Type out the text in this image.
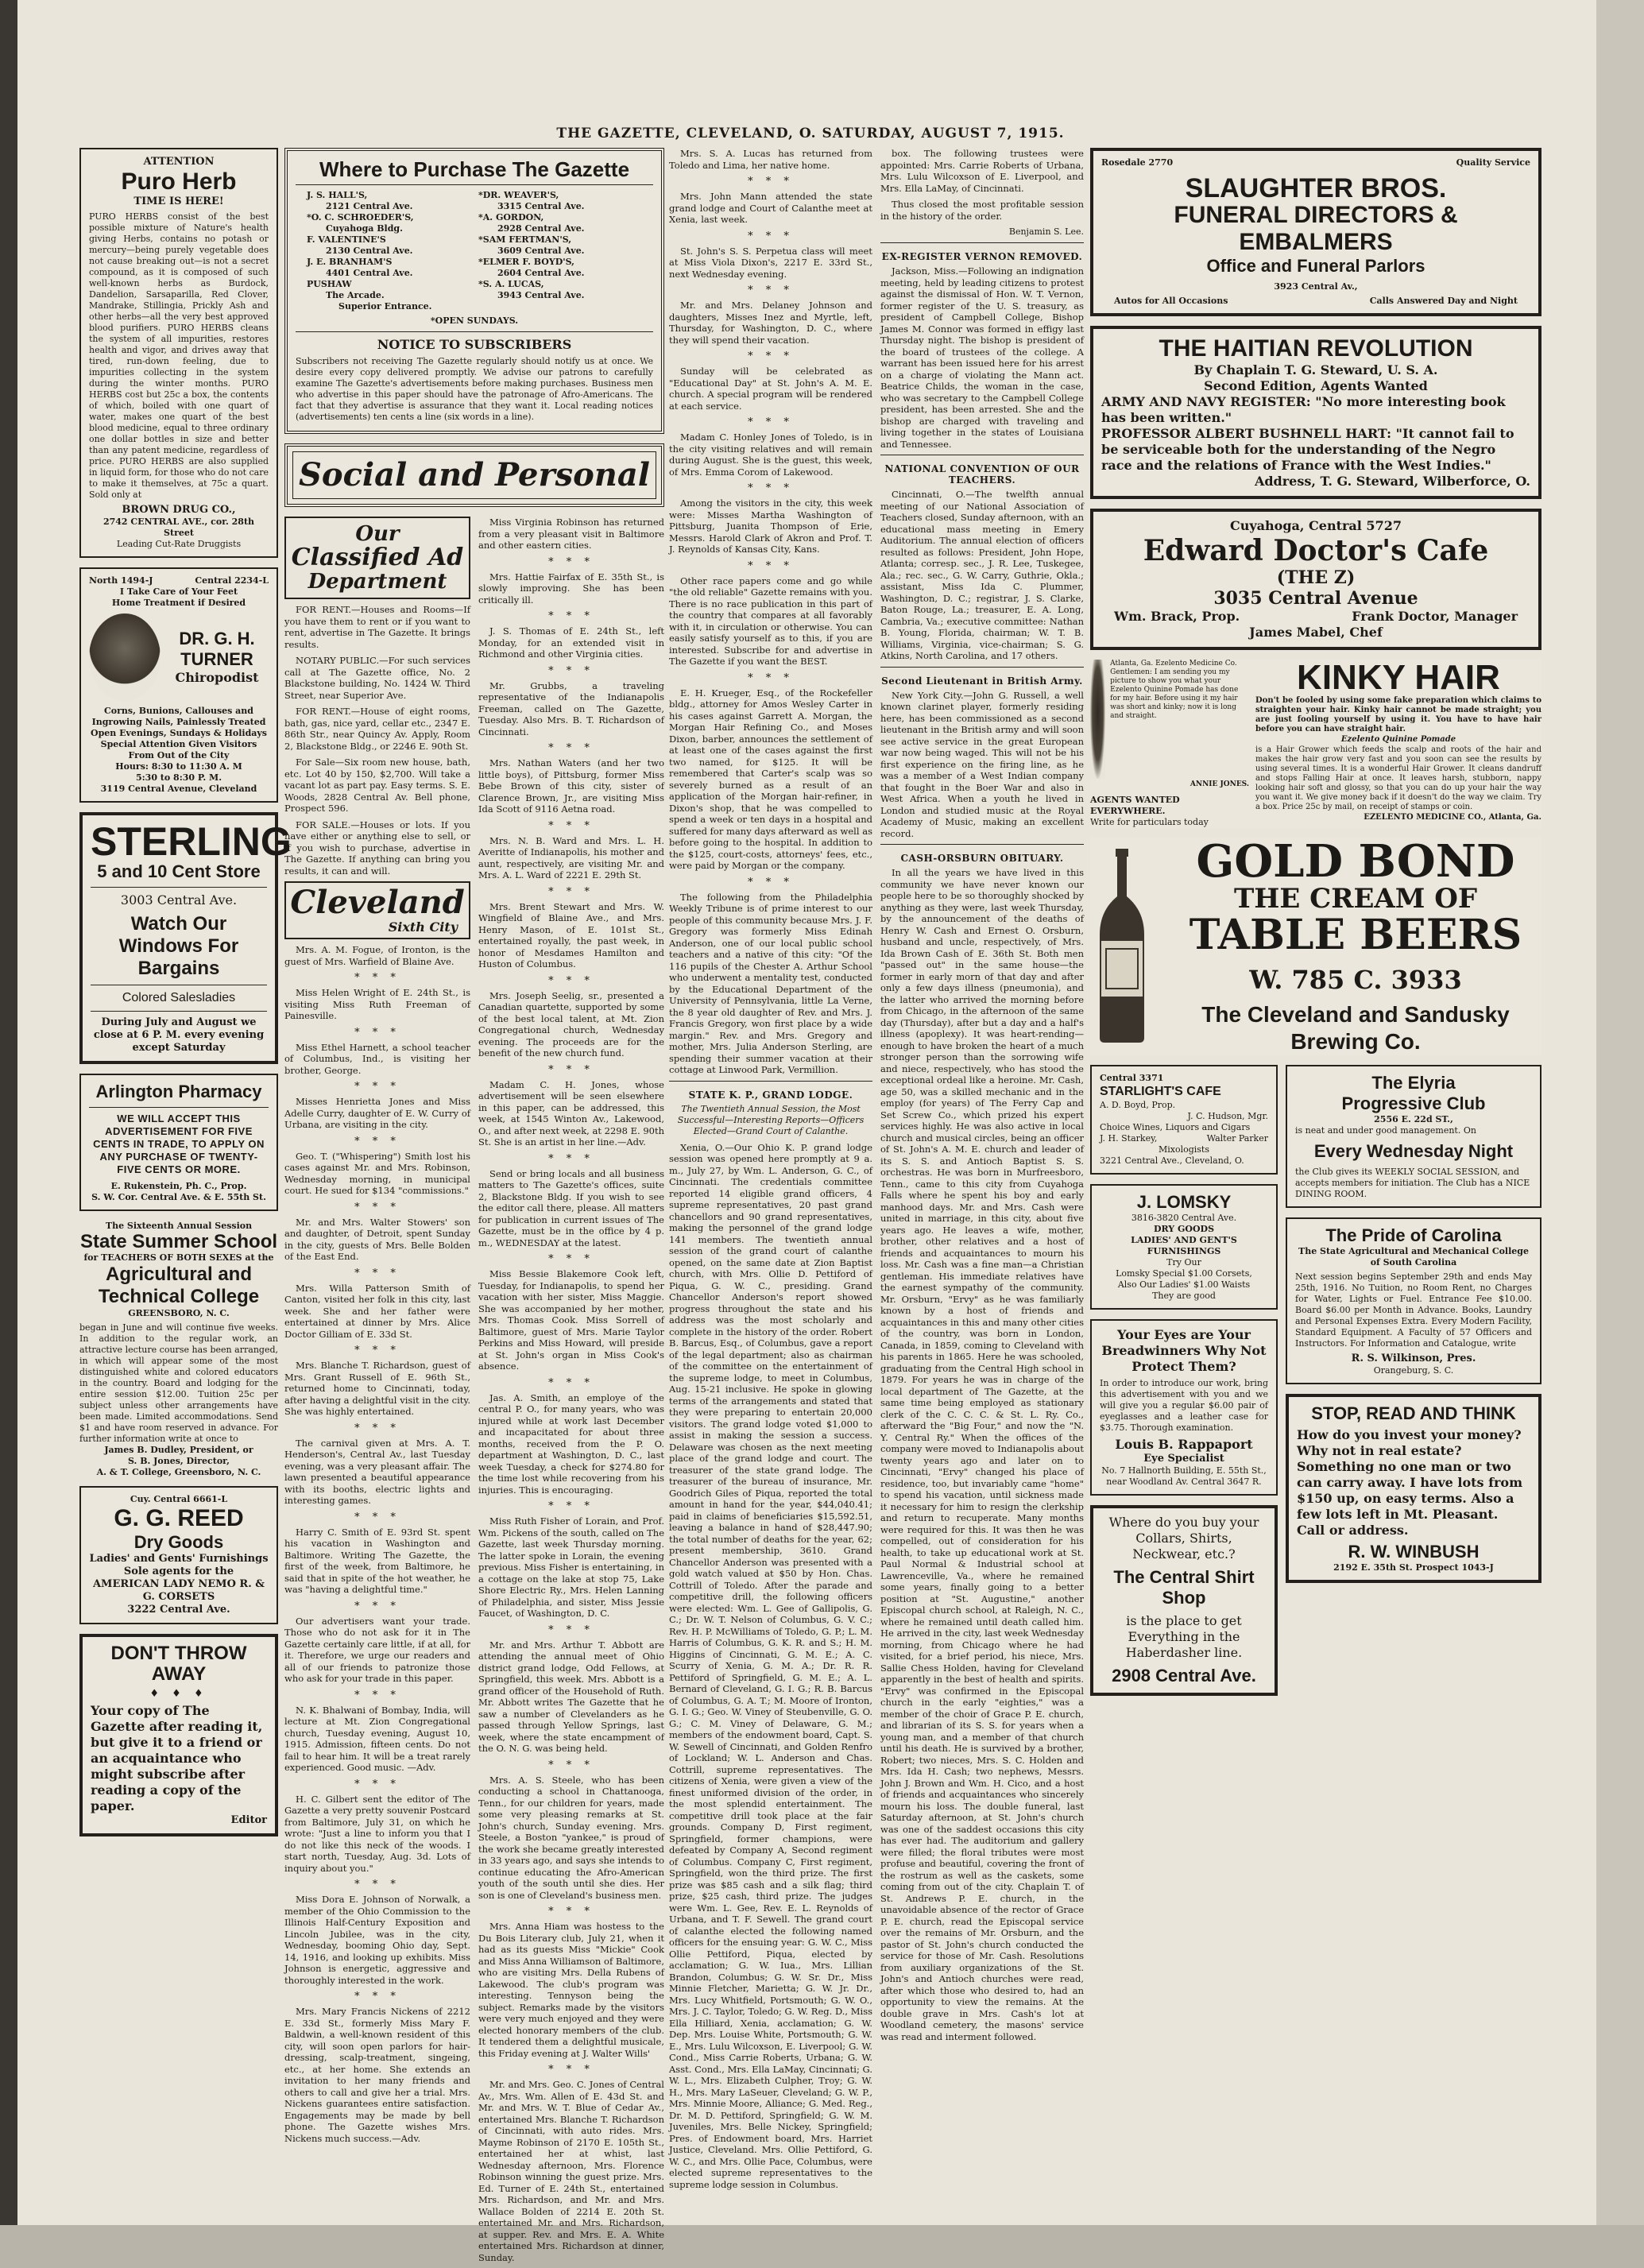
THE GAZETTE, CLEVELAND, O. SATURDAY, AUGUST 7, 1915.
ATTENTION
Puro Herb
TIME IS HERE!
PURO HERBS consist of the best possible mixture of Nature's health giving Herbs, contains no potash or mercury—being purely vegetable does not cause breaking out—is not a secret compound, as it is composed of such well-known herbs as Burdock, Dandelion, Sarsaparilla, Red Clover, Mandrake, Stillingia, Prickly Ash and other herbs—all the very best approved blood purifiers. PURO HERBS cleans the system of all impurities, restores health and vigor, and drives away that tired, run-down feeling, due to impurities collecting in the system during the winter months. PURO HERBS cost but 25c a box, the contents of which, boiled with one quart of water, makes one quart of the best blood medicine, equal to three ordinary one dollar bottles in size and better than any patent medicine, regardless of price. PURO HERBS are also supplied in liquid form, for those who do not care to make it themselves, at 75c a quart. Sold only at
BROWN DRUG CO.,
2742 CENTRAL AVE., cor. 28th Street
Leading Cut-Rate Druggists
North 1494-J	Central 2234-L
I Take Care of Your Feet
Home Treatment if Desired
DR. G. H. TURNER
Chiropodist
Corns, Bunions, Callouses and Ingrowing Nails, Painlessly Treated Open Evenings, Sundays & Holidays Special Attention Given Visitors From Out of the City
Hours: 8:30 to 11:30 A. M
5:30 to 8:30 P. M.
3119 Central Avenue, Cleveland
STERLING
5 and 10 Cent Store
3003 Central Ave.
Watch Our Windows For Bargains
Colored Salesladies
During July and August we close at 6 P. M. every evening except Saturday
Arlington Pharmacy
WE WILL ACCEPT THIS ADVERTISEMENT FOR FIVE CENTS IN TRADE, TO APPLY ON ANY PURCHASE OF TWENTY-FIVE CENTS OR MORE.
E. Rukenstein, Ph. C., Prop.
S. W. Cor. Central Ave. & E. 55th St.
The Sixteenth Annual Session
State Summer School
for TEACHERS OF BOTH SEXES at the
Agricultural and Technical College
GREENSBORO, N. C.
began in June and will continue five weeks. In addition to the regular work, an attractive lecture course has been arranged, in which will appear some of the most distinguished white and colored educators in the country. Board and lodging for the entire session $12.00. Tuition 25c per subject unless other arrangements have been made. Limited accommodations. Send $1 and have room reserved in advance. For further information write at once to
James B. Dudley, President, or
S. B. Jones, Director,
A. & T. College, Greensboro, N. C.
Cuy. Central 6661-L
G. G. REED
Dry Goods
Ladies' and Gents' Furnishings Sole agents for the AMERICAN LADY NEMO R. & G. CORSETS
3222 Central Ave.
DON'T THROW AWAY
♦ ♦ ♦
Your copy of The Gazette after reading it, but give it to a friend or an acquaintance who might subscribe after reading a copy of the paper.
Editor
Where to Purchase The Gazette
J. S. HALL'S,
2121 Central Ave.
*O. C. SCHROEDER'S,
Cuyahoga Bldg.
F. VALENTINE'S
2130 Central Ave.
J. E. BRANHAM'S
4401 Central Ave.
PUSHAW
The Arcade.
Superior Entrance.
*DR. WEAVER'S,
3315 Central Ave.
*A. GORDON,
2928 Central Ave.
*SAM FERTMAN'S,
3609 Central Ave.
*ELMER F. BOYD'S,
2604 Central Ave.
*S. A. LUCAS,
3943 Central Ave.
*OPEN SUNDAYS.
NOTICE TO SUBSCRIBERS
Subscribers not receiving The Gazette regularly should notify us at once. We desire every copy delivered promptly. We advise our patrons to carefully examine The Gazette's advertisements before making purchases. Business men who advertise in this paper should have the patronage of Afro-Americans. The fact that they advertise is assurance that they want it. Local reading notices (advertisements) ten cents a line (six words in a line).
Social and Personal
Our
Classified Ad
Department

FOR RENT.—Houses and Rooms—If you have them to rent or if you want to rent, advertise in The Gazette. It brings results.

NOTARY PUBLIC.—For such services call at The Gazette office, No. 2 Blackstone building, No. 1424 W. Third Street, near Superior Ave.

FOR RENT.—House of eight rooms, bath, gas, nice yard, cellar etc., 2347 E. 86th Str., near Quincy Av. Apply, Room 2, Blackstone Bldg., or 2246 E. 90th St.

For Sale—Six room new house, bath, etc. Lot 40 by 150, $2,700. Will take a vacant lot as part pay. Easy terms. S. E. Woods, 2828 Central Av. Bell phone, Prospect 596.

FOR SALE.—Houses or lots. If you have either or anything else to sell, or if you wish to purchase, advertise in The Gazette. If anything can bring you results, it can and will.

Cleveland
Sixth City

Mrs. A. M. Fogue, of Ironton, is the guest of Mrs. Warfield of Blaine Ave.

* * *

Miss Helen Wright of E. 24th St., is visiting Miss Ruth Freeman of Painesville.

* * *

Miss Ethel Harnett, a school teacher of Columbus, Ind., is visiting her brother, George.

* * *

Misses Henrietta Jones and Miss Adelle Curry, daughter of E. W. Curry of Urbana, are visiting in the city.

* * *

Geo. T. ("Whispering") Smith lost his cases against Mr. and Mrs. Robinson, Wednesday morning, in municipal court. He sued for $134 "commissions."

* * *

Mr. and Mrs. Walter Stowers' son and daughter, of Detroit, spent Sunday in the city, guests of Mrs. Belle Bolden of the East End.

* * *

Mrs. Willa Patterson Smith of Canton, visited her folk in this city, last week. She and her father were entertained at dinner by Mrs. Alice Doctor Gilliam of E. 33d St.

* * *

Mrs. Blanche T. Richardson, guest of Mrs. Grant Russell of E. 96th St., returned home to Cincinnati, today, after having a delightful visit in the city. She was highly entertained.

* * *

The carnival given at Mrs. A. T. Henderson's, Central Av., last Tuesday evening, was a very pleasant affair. The lawn presented a beautiful appearance with its booths, electric lights and interesting games.

* * *

Harry C. Smith of E. 93rd St. spent his vacation in Washington and Baltimore. Writing The Gazette, the first of the week, from Baltimore, he said that in spite of the hot weather, he was "having a delightful time."

* * *

Our advertisers want your trade. Those who do not ask for it in The Gazette certainly care little, if at all, for it. Therefore, we urge our readers and all of our friends to patronize those who ask for your trade in this paper.

* * *

N. K. Bhalwani of Bombay, India, will lecture at Mt. Zion Congregational church, Tuesday evening, August 10, 1915. Admission, fifteen cents. Do not fail to hear him. It will be a treat rarely experienced. Good music. —Adv.

* * *

H. C. Gilbert sent the editor of The Gazette a very pretty souvenir Postcard from Baltimore, July 31, on which he wrote: "Just a line to inform you that I do not like this neck of the woods. I start north, Tuesday, Aug. 3d. Lots of inquiry about you."

* * *

Miss Dora E. Johnson of Norwalk, a member of the Ohio Commission to the Illinois Half-Century Exposition and Lincoln Jubilee, was in the city, Wednesday, booming Ohio day, Sept. 14, 1916, and looking up exhibits. Miss Johnson is energetic, aggressive and thoroughly interested in the work.

* * *

Mrs. Mary Francis Nickens of 2212 E. 33d St., formerly Miss Mary F. Baldwin, a well-known resident of this city, will soon open parlors for hair-dressing, scalp-treatment, singeing, etc., at her home. She extends an invitation to her many friends and others to call and give her a trial. Mrs. Nickens guarantees entire satisfaction. Engagements may be made by bell phone. The Gazette wishes Mrs. Nickens much success.—Adv.

Miss Virginia Robinson has returned from a very pleasant visit in Baltimore and other eastern cities.

* * *

Mrs. Hattie Fairfax of E. 35th St., is slowly improving. She has been critically ill.

* * *

J. S. Thomas of E. 24th St., left Monday, for an extended visit in Richmond and other Virginia cities.

* * *

Mr. Grubbs, a traveling representative of the Indianapolis Freeman, called on The Gazette, Tuesday. Also Mrs. B. T. Richardson of Cincinnati.

* * *

Mrs. Nathan Waters (and her two little boys), of Pittsburg, former Miss Bebe Brown of this city, sister of Clarence Brown, Jr., are visiting Miss Ida Scott of 9116 Aetna road.

* * *

Mrs. N. B. Ward and Mrs. L. H. Averitte of Indianapolis, his mother and aunt, respectively, are visiting Mr. and Mrs. A. L. Ward of 2221 E. 29th St.

* * *

Mrs. Brent Stewart and Mrs. W. Wingfield of Blaine Ave., and Mrs. Henry Mason, of E. 101st St., entertained royally, the past week, in honor of Mesdames Hamilton and Huston of Columbus.

* * *

Mrs. Joseph Seelig, sr., presented a Canadian quartette, supported by some of the best local talent, at Mt. Zion Congregational church, Wednesday evening. The proceeds are for the benefit of the new church fund.

* * *

Madam C. H. Jones, whose advertisement will be seen elsewhere in this paper, can be addressed, this week, at 1545 Winton Av., Lakewood, O., and after next week, at 2298 E. 90th St. She is an artist in her line.—Adv.

* * *

Send or bring locals and all business matters to The Gazette's offices, suite 2, Blackstone Bldg. If you wish to see the editor call there, please. All matters for publication in current issues of The Gazette, must be in the office by 4 p. m., WEDNESDAY at the latest.

* * *

Miss Bessie Blakemore Cook left, Tuesday, for Indianapolis, to spend her vacation with her sister, Miss Maggie. She was accompanied by her mother, Mrs. Thomas Cook. Miss Sorrell of Baltimore, guest of Mrs. Marie Taylor Perkins and Miss Howard, will preside at St. John's organ in Miss Cook's absence.

* * *

Jas. A. Smith, an employe of the central P. O., for many years, who was injured while at work last December and incapacitated for about three months, received from the P. O. department at Washington, D. C., last week Tuesday, a check for $274.80 for the time lost while recovering from his injuries. This is encouraging.

* * *

Miss Ruth Fisher of Lorain, and Prof. Wm. Pickens of the south, called on The Gazette, last week Thursday morning. The latter spoke in Lorain, the evening previous. Miss Fisher is entertaining, in a cottage on the lake at stop 75, Lake Shore Electric Ry., Mrs. Helen Lanning of Philadelphia, and sister, Miss Jessie Faucet, of Washington, D. C.

* * *

Mr. and Mrs. Arthur T. Abbott are attending the annual meet of Ohio district grand lodge, Odd Fellows, at Springfield, this week. Mrs. Abbott is a grand officer of the Household of Ruth. Mr. Abbott writes The Gazette that he saw a number of Clevelanders as he passed through Yellow Springs, last week, where the state encampment of the O. N. G. was being held.

* * *

Mrs. A. S. Steele, who has been conducting a school in Chattanooga, Tenn., for our children for years, made some very pleasing remarks at St. John's church, Sunday evening. Mrs. Steele, a Boston "yankee," is proud of the work she became greatly interested in 33 years ago, and says she intends to continue educating the Afro-American youth of the south until she dies. Her son is one of Cleveland's business men.

* * *

Mrs. Anna Hiam was hostess to the Du Bois Literary club, July 21, when it had as its guests Miss "Mickie" Cook and Miss Anna Williamson of Baltimore, who are visiting Mrs. Della Rubens of Lakewood. The club's program was interesting. Tennyson being the subject. Remarks made by the visitors were very much enjoyed and they were elected honorary members of the club. It tendered them a delightful musicale, this Friday evening at J. Walter Wills'

* * *

Mr. and Mrs. Geo. C. Jones of Central Av., Mrs. Wm. Allen of E. 43d St. and Mr. and Mrs. W. T. Blue of Cedar Av., entertained Mrs. Blanche T. Richardson of Cincinnati, with auto rides. Mrs. Mayme Robinson of 2170 E. 105th St., entertained her at whist, last Wednesday afternoon, Mrs. Florence Robinson winning the guest prize. Mrs. Ed. Turner of E. 24th St., entertained Mrs. Richardson, and Mr. and Mrs. Wallace Bolden of 2214 E. 20th St. entertained Mr. and Mrs. Richardson, at supper. Rev. and Mrs. E. A. White entertained Mrs. Richardson at dinner, Sunday.

Mrs. S. A. Lucas has returned from Toledo and Lima, her native home.

* * *

Mrs. John Mann attended the state grand lodge and Court of Calanthe meet at Xenia, last week.

* * *

St. John's S. S. Perpetua class will meet at Miss Viola Dixon's, 2217 E. 33rd St., next Wednesday evening.

* * *

Mr. and Mrs. Delaney Johnson and daughters, Misses Inez and Myrtle, left, Thursday, for Washington, D. C., where they will spend their vacation.

* * *

Sunday will be celebrated as "Educational Day" at St. John's A. M. E. church. A special program will be rendered at each service.

* * *

Madam C. Honley Jones of Toledo, is in the city visiting relatives and will remain during August. She is the guest, this week, of Mrs. Emma Corom of Lakewood.

* * *

Among the visitors in the city, this week were: Misses Martha Washington of Pittsburg, Juanita Thompson of Erie, Messrs. Harold Clark of Akron and Prof. T. J. Reynolds of Kansas City, Kans.

* * *

Other race papers come and go while "the old reliable" Gazette remains with you. There is no race publication in this part of the country that compares at all favorably with it, in circulation or otherwise. You can easily satisfy yourself as to this, if you are interested. Subscribe for and advertise in The Gazette if you want the BEST.

* * *

E. H. Krueger, Esq., of the Rockefeller bldg., attorney for Amos Wesley Carter in his cases against Garrett A. Morgan, the Morgan Hair Refining Co., and Moses Dixon, barber, announces the settlement of at least one of the cases against the first two named, for $125. It will be remembered that Carter's scalp was so severely burned as a result of an application of the Morgan hair-refiner, in Dixon's shop, that he was compelled to spend a week or ten days in a hospital and suffered for many days afterward as well as before going to the hospital. In addition to the $125, court-costs, attorneys' fees, etc., were paid by Morgan or the company.

* * *

The following from the Philadelphia Weekly Tribune is of prime interest to our people of this community because Mrs. J. F. Gregory was formerly Miss Edinah Anderson, one of our local public school teachers and a native of this city: "Of the 116 pupils of the Chester A. Arthur School who underwent a mentality test, conducted by the Educational Department of the University of Pennsylvania, little La Verne, the 8 year old daughter of Rev. and Mrs. J. Francis Gregory, won first place by a wide margin." Rev. and Mrs. Gregory and mother, Mrs. Julia Anderson Sterling, are spending their summer vacation at their cottage at Linwood Park, Vermillion.

STATE K. P., GRAND LODGE.
The Twentieth Annual Session, the Most Successful—Interesting Reports—Officers Elected—Grand Court of Calanthe.

Xenia, O.—Our Ohio K. P. grand lodge session was opened here promptly at 9 a. m., July 27, by Wm. L. Anderson, G. C., of Cincinnati. The credentials committee reported 14 eligible grand officers, 4 supreme representatives, 20 past grand chancellors and 90 grand representatives, making the personnel of the grand lodge 141 members. The twentieth annual session of the grand court of calanthe opened, on the same date at Zion Baptist church, with Mrs. Ollie D. Pettiford of Piqua, G. W. C., presiding. Grand Chancellor Anderson's report showed progress throughout the state and his address was the most scholarly and complete in the history of the order. Robert B. Barcus, Esq., of Columbus, gave a report of the legal department; also as chairman of the committee on the entertainment of the supreme lodge, to meet in Columbus, Aug. 15-21 inclusive. He spoke in glowing terms of the arrangements and stated that they were preparing to entertain 20,000 visitors. The grand lodge voted $1,000 to assist in making the session a success. Delaware was chosen as the next meeting place of the grand lodge and court. The treasurer of the state grand lodge. The treasurer of the bureau of insurance, Mr. Goodrich Giles of Piqua, reported the total amount in hand for the year, $44,040.41; paid in claims of beneficiaries $15,592.51, leaving a balance in hand of $28,447.90; the total number of deaths for the year, 62; present membership, 3610. Grand Chancellor Anderson was presented with a gold watch valued at $50 by Hon. Chas. Cottrill of Toledo. After the parade and competitive drill, the following officers were elected: Wm. L. Gee of Gallipolis, G. C.; Dr. W. T. Nelson of Columbus, G. V. C.; Rev. H. P. McWilliams of Toledo, G. P.; L. M. Harris of Columbus, G. K. R. and S.; H. M. Higgins of Cincinnati, G. M. E.; A. C. Scurry of Xenia, G. M. A.; Dr. R. R. Pettiford of Springfield, G. M. E.; A. L. Bernard of Cleveland, G. I. G.; R. B. Barcus of Columbus, G. A. T.; M. Moore of Ironton, G. I. G.; Geo. W. Viney of Steubenville, G. O. G.; C. M. Viney of Delaware, G. M.; members of the endowment board, Capt. S. W. Sewell of Cincinnati, and Golden Renfro of Lockland; W. L. Anderson and Chas. Cottrill, supreme representatives. The citizens of Xenia, were given a view of the finest uniformed division of the order, in the most splendid entertainment. The competitive drill took place at the fair grounds. Company D, First regiment, Springfield, former champions, were defeated by Company A, Second regiment of Columbus. Company C, First regiment, Springfield, won the third prize. The first prize was $85 cash and a silk flag; third prize, $25 cash, third prize. The judges were Wm. L. Gee, Rev. E. L. Reynolds of Urbana, and T. F. Sewell. The grand court of calanthe elected the following named officers for the ensuing year: G. W. C., Miss Ollie Pettiford, Piqua, elected by acclamation; G. W. Iua., Mrs. Lillian Brandon, Columbus; G. W. Sr. Dr., Miss Minnie Fletcher, Marietta; G. W. Jr. Dr., Mrs. Lucy Whitfield, Portsmouth; G. W. O., Mrs. J. C. Taylor, Toledo; G. W. Reg. D., Miss Ella Hilliard, Xenia, acclamation; G. W. Dep. Mrs. Louise White, Portsmouth; G. W. E., Mrs. Lulu Wilcoxson, E. Liverpool; G. W. Cond., Miss Carrie Roberts, Urbana; G. W. Asst. Cond., Mrs. Ella LaMay, Cincinnati; G. W. L., Mrs. Elizabeth Culpher, Troy; G. W. H., Mrs. Mary LaSeuer, Cleveland; G. W. P., Mrs. Minnie Moore, Alliance; G. Med. Reg., Dr. M. D. Pettiford, Springfield; G. W. M. Juveniles, Mrs. Belle Nickey, Springfield; Pres. of Endowment board, Mrs. Harriet Justice, Cleveland. Mrs. Ollie Pettiford, G. W. C., and Mrs. Ollie Pace, Columbus, were elected supreme representatives to the supreme lodge session in Columbus.

box. The following trustees were appointed: Mrs. Carrie Roberts of Urbana, Mrs. Lulu Wilcoxson of E. Liverpool, and Mrs. Ella LaMay, of Cincinnati.

Thus closed the most profitable session in the history of the order.

Benjamin S. Lee.
EX-REGISTER VERNON REMOVED.

Jackson, Miss.—Following an indignation meeting, held by leading citizens to protest against the dismissal of Hon. W. T. Vernon, former register of the U. S. treasury, as president of Campbell College, Bishop James M. Connor was formed in effigy last Thursday night. The bishop is president of the board of trustees of the college. A warrant has been issued here for his arrest on a charge of violating the Mann act. Beatrice Childs, the woman in the case, who was secretary to the Campbell College president, has been arrested. She and the bishop are charged with traveling and living together in the states of Louisiana and Tennessee.

NATIONAL CONVENTION OF OUR TEACHERS.

Cincinnati, O.—The twelfth annual meeting of our National Association of Teachers closed, Sunday afternoon, with an educational mass meeting in Emery Auditorium. The annual election of officers resulted as follows: President, John Hope, Atlanta; corresp. sec., J. R. Lee, Tuskegee, Ala.; rec. sec., G. W. Carry, Guthrie, Okla.; assistant, Miss Ida C. Plummer, Washington, D. C.; registrar, J. S. Clarke, Baton Rouge, La.; treasurer, E. A. Long, Cambria, Va.; executive committee: Nathan B. Young, Florida, chairman; W. T. B. Williams, Virginia, vice-chairman; S. G. Atkins, North Carolina, and 17 others.

Second Lieutenant in British Army.

New York City.—John G. Russell, a well known clarinet player, formerly residing here, has been commissioned as a second lieutenant in the British army and will soon see active service in the great European war now being waged. This will not be his first experience on the firing line, as he was a member of a West Indian company that fought in the Boer War and also in West Africa. When a youth he lived in London and studied music at the Royal Academy of Music, making an excellent record.

CASH-ORSBURN OBITUARY.

In all the years we have lived in this community we have never known our people here to be so thoroughly shocked by anything as they were, last week Thursday, by the announcement of the deaths of Henry W. Cash and Ernest O. Orsburn, husband and uncle, respectively, of Mrs. Ida Brown Cash of E. 36th St. Both men "passed out" in the same house—the former in early morn of that day and after only a few days illness (pneumonia), and the latter who arrived the morning before from Chicago, in the afternoon of the same day (Thursday), after but a day and a half's illness (apoplexy). It was heart-rending—enough to have broken the heart of a much stronger person than the sorrowing wife and niece, respectively, who has stood the exceptional ordeal like a heroine. Mr. Cash, age 50, was a skilled mechanic and in the employ (for years) of The Ferry Cap and Set Screw Co., which prized his expert services highly. He was also active in local church and musical circles, being an officer of St. John's A. M. E. church and leader of its S. S. and Antioch Baptist S. S. orchestras. He was born in Murfreesboro, Tenn., came to this city from Cuyahoga Falls where he spent his boy and early manhood days. Mr. and Mrs. Cash were united in marriage, in this city, about five years ago. He leaves a wife, mother, brother, other relatives and a host of friends and acquaintances to mourn his loss. Mr. Cash was a fine man—a Christian gentleman. His immediate relatives have the earnest sympathy of the community. Mr. Orsburn, "Ervy" as he was familiarly known by a host of friends and acquaintances in this and many other cities of the country, was born in London, Canada, in 1859, coming to Cleveland with his parents in 1865. Here he was schooled, graduating from the Central High school in 1879. For years he was in charge of the local department of The Gazette, at the same time being employed as stationary clerk of the C. C. C. & St. L. Ry. Co., afterward the "Big Four," and now the "N. Y. Central Ry." When the offices of the company were moved to Indianapolis about twenty years ago and later on to Cincinnati, "Ervy" changed his place of residence, too, but invariably came "home" to spend his vacation, until sickness made it necessary for him to resign the clerkship and return to recuperate. Many months were required for this. It was then he was compelled, out of consideration for his health, to take up educational work at St. Paul Normal & Industrial school at Lawrenceville, Va., where he remained some years, finally going to a better position at "St. Augustine," another Episcopal church school, at Raleigh, N. C., where he remained until death called him. He arrived in the city, last week Wednesday morning, from Chicago where he had visited, for a brief period, his niece, Mrs. Sallie Chess Holden, having for Cleveland apparently in the best of health and spirits. "Ervy" was confirmed in the Episcopal church in the early "eighties," was a member of the choir of Grace P. E. church, and librarian of its S. S. for years when a young man, and a member of that church until his death. He is survived by a brother, Robert; two nieces, Mrs. S. C. Holden and Mrs. Ida H. Cash; two nephews, Messrs. John J. Brown and Wm. H. Cico, and a host of friends and acquaintances who sincerely mourn his loss. The double funeral, last Saturday afternoon, at St. John's church was one of the saddest occasions this city has ever had. The auditorium and gallery were filled; the floral tributes were most profuse and beautiful, covering the front of the rostrum as well as the caskets, some coming from out of the city. Chaplain T. of St. Andrews P. E. church, in the unavoidable absence of the rector of Grace P. E. church, read the Episcopal service over the remains of Mr. Orsburn, and the pastor of St. John's church conducted the service for those of Mr. Cash. Resolutions from auxiliary organizations of the St. John's and Antioch churches were read, after which those who desired to, had an opportunity to view the remains. At the double grave in Mrs. Cash's lot at Woodland cemetery, the masons' service was read and interment followed.

Rosedale 2770	Quality Service
SLAUGHTER BROS.
FUNERAL DIRECTORS & EMBALMERS
Office and Funeral Parlors
3923 Central Av.,
Autos for All Occasions	Calls Answered Day and Night
THE HAITIAN REVOLUTION
By Chaplain T. G. Steward, U. S. A.
Second Edition, Agents Wanted
ARMY AND NAVY REGISTER: "No more interesting book has been written."
PROFESSOR ALBERT BUSHNELL HART: "It cannot fail to be serviceable both for the understanding of the Negro race and the relations of France with the West Indies."
Address, T. G. Steward, Wilberforce, O.
Cuyahoga, Central 5727
Edward Doctor's Cafe
(THE Z)
3035 Central Avenue
Wm. Brack, Prop.	Frank Doctor, Manager
James Mabel, Chef
Atlanta, Ga. Ezelento Medicine Co. Gentlemen: I am sending you my picture to show you what your Ezelento Quinine Pomade has done for my hair. Before using it my hair was short and kinky; now it is long and straight.
ANNIE JONES.
AGENTS WANTED EVERYWHERE.
Write for particulars today
KINKY HAIR
Don't be fooled by using some fake preparation which claims to straighten your hair. Kinky hair cannot be made straight; you are just fooling yourself by using it. You have to have hair before you can have straight hair.
Ezelento Quinine Pomade
is a Hair Grower which feeds the scalp and roots of the hair and makes the hair grow very fast and you soon can see the results by using several times. It is a wonderful Hair Grower. It cleans dandruff and stops Falling Hair at once. It leaves harsh, stubborn, nappy looking hair soft and glossy, so that you can do up your hair the way you want it. We give money back if it doesn't do the way we claim. Try a box. Price 25c by mail, on receipt of stamps or coin.
EZELENTO MEDICINE CO., Atlanta, Ga.
GOLD BOND
THE CREAM OF
TABLE BEERS
W. 785 C. 3933
The Cleveland and Sandusky Brewing Co.
Central 3371
STARLIGHT'S CAFE
A. D. Boyd, Prop.
J. C. Hudson, Mgr.
Choice Wines, Liquors and Cigars
J. H. Starkey,	Walter Parker
Mixologists
3221 Central Ave., Cleveland, O.
J. LOMSKY
3816-3820 Central Ave.
DRY GOODS
LADIES' AND GENT'S FURNISHINGS
Try Our
Lomsky Special $1.00 Corsets,
Also Our Ladies' $1.00 Waists
They are good
Your Eyes are Your Breadwinners Why Not Protect Them?
In order to introduce our work, bring this advertisement with you and we will give you a regular $6.00 pair of eyeglasses and a leather case for $3.75. Thorough examination.
Louis B. Rappaport
Eye Specialist
No. 7 Hallnorth Building, E. 55th St., near Woodland Av. Central 3647 R.
Where do you buy your Collars, Shirts, Neckwear, etc.?
The Central Shirt Shop
is the place to get Everything in the Haberdasher line.
2908 Central Ave.
The Elyria
Progressive Club
2556 E. 22d ST.,
is neat and under good management. On
Every Wednesday Night
the Club gives its WEEKLY SOCIAL SESSION, and accepts members for initiation. The Club has a NICE DINING ROOM.
The Pride of Carolina
The State Agricultural and Mechanical College of South Carolina
Next session begins September 29th and ends May 25th, 1916. No Tuition, no Room Rent, no Charges for Water, Lights or Fuel. Entrance Fee $10.00. Board $6.00 per Month in Advance. Books, Laundry and Personal Expenses Extra. Every Modern Facility, Standard Equipment. A Faculty of 57 Officers and Instructors. For Information and Catalogue, write
R. S. Wilkinson, Pres.
Orangeburg, S. C.
STOP, READ AND THINK
How do you invest your money? Why not in real estate? Something no one man or two can carry away. I have lots from $150 up, on easy terms. Also a few lots left in Mt. Pleasant. Call or address.
R. W. WINBUSH
2192 E. 35th St. Prospect 1043-J
